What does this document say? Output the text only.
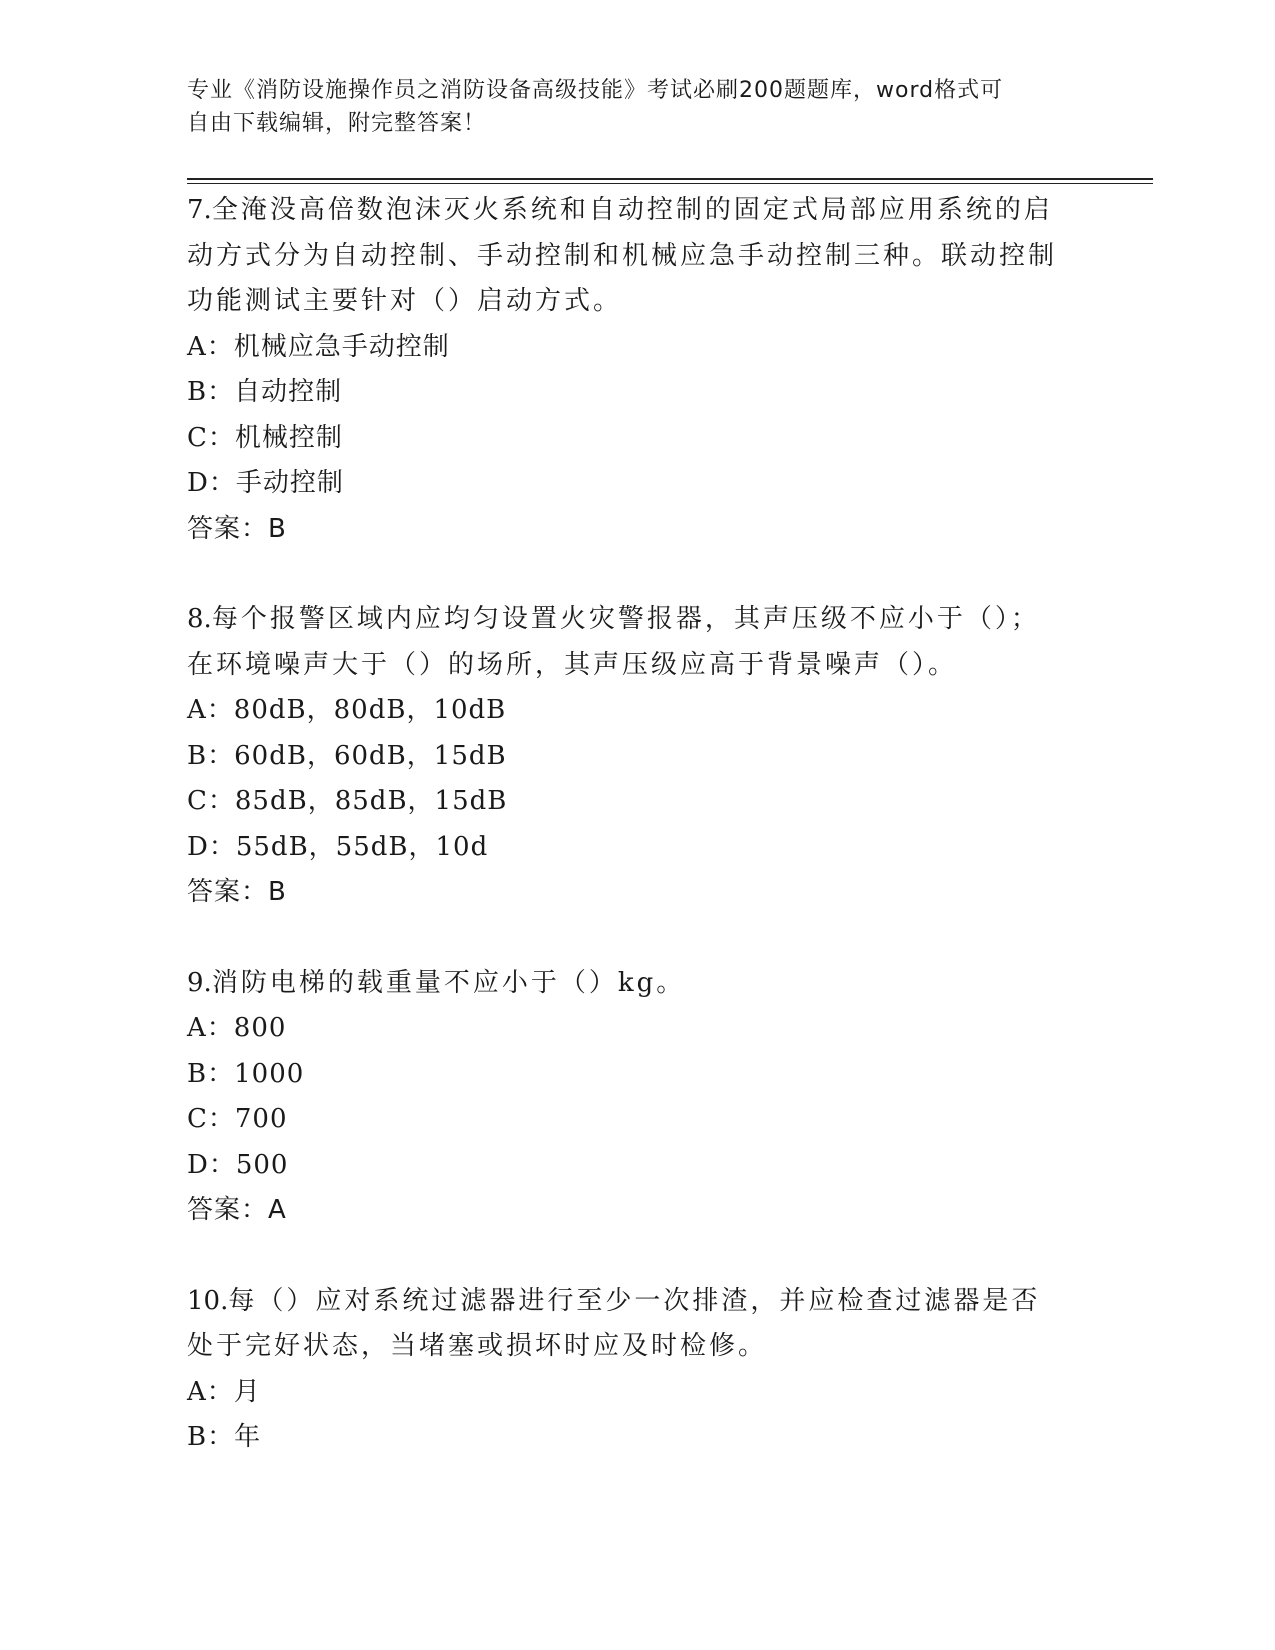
专业《消防设施操作员之消防设备高级技能》考试必刷200题题库，word格式可
自由下载编辑，附完整答案！
7.全淹没高倍数泡沫灭火系统和自动控制的固定式局部应用系统的启动方式分为自动控制、手动控制和机械应急手动控制三种。联动控制功能测试主要针对（）启动方式。
A：机械应急手动控制
B：自动控制
C：机械控制
D：手动控制
答案：B
8.每个报警区域内应均匀设置火灾警报器，其声压级不应小于（）；在环境噪声大于（）的场所，其声压级应高于背景噪声（）。
A：80dB，80dB，10dB
B：60dB，60dB，15dB
C：85dB，85dB，15dB
D：55dB，55dB，10d
答案：B
9.消防电梯的载重量不应小于（）kg。
A：800
B：1000
C：700
D：500
答案：A
10.每（）应对系统过滤器进行至少一次排渣，并应检查过滤器是否处于完好状态，当堵塞或损坏时应及时检修。
A：月
B：年
